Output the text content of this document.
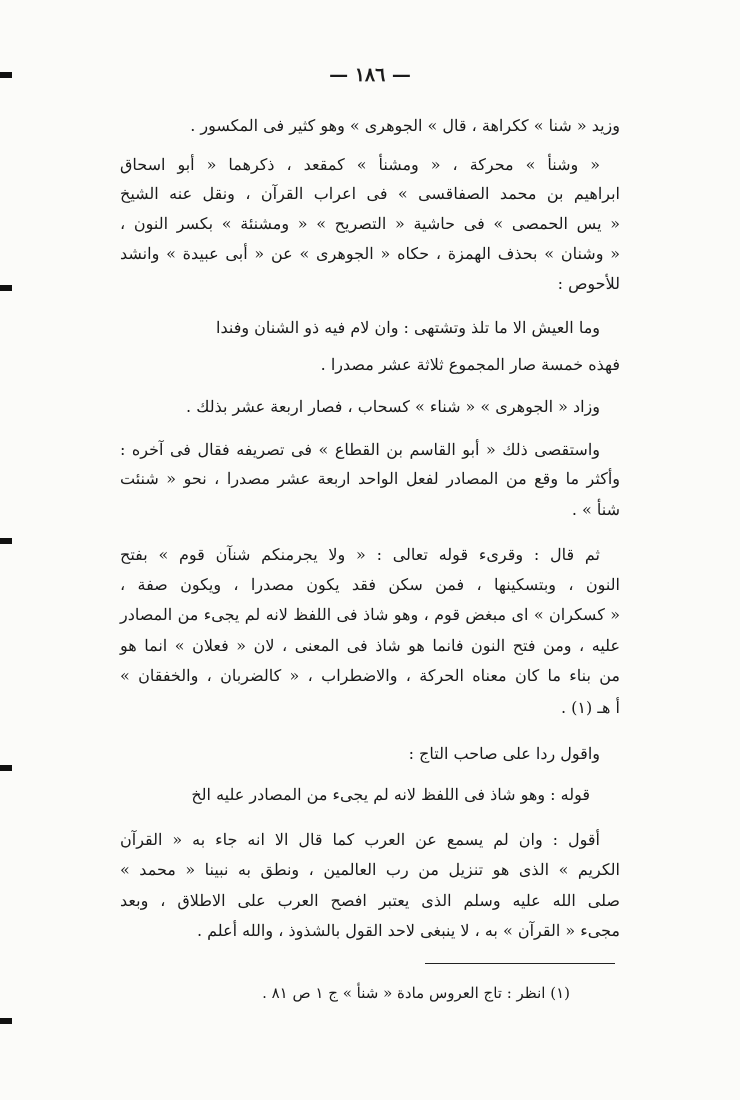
— ١٨٦ —
وزيد « شنا » ككراهة ، قال » الجوهرى » وهو كثير فى المكسور .
« وشنأ » محركة ، « ومشنأ » كمقعد ، ذكرهما « أبو اسحاق
ابراهيم بن محمد الصفاقسى » فى اعراب القرآن ، ونقل عنه الشيخ
« يس الحمصى » فى حاشية « التصريح » « ومشنئة » بكسر النون ،
« وشنان » بحذف الهمزة ، حكاه « الجوهرى » عن « أبى عبيدة » وانشد
للأحوص :
وما العيش الا ما تلذ وتشتهى : وان لام فيه ذو الشنان وفندا
فهذه خمسة صار المجموع ثلاثة عشر مصدرا .
وزاد « الجوهرى » « شناء » كسحاب ، فصار اربعة عشر بذلك .
واستقصى ذلك « أبو القاسم بن القطاع » فى تصريفه فقال فى آخره :
وأكثر ما وقع من المصادر لفعل الواحد اربعة عشر مصدرا ، نحو « شنئت
شنأ » .
ثم قال : وقرىء قوله تعالى : « ولا يجرمنكم شنآن قوم » بفتح
النون ، وبتسكينها ، فمن سكن فقد يكون مصدرا ، ويكون صفة ،
« كسكران » اى مبغض قوم ، وهو شاذ فى اللفظ لانه لم يجىء من المصادر
عليه ، ومن فتح النون فانما هو شاذ فى المعنى ، لان « فعلان » انما هو
من بناء ما كان معناه الحركة ، والاضطراب ، « كالضربان ، والخفقان »
أ هـ (١) .
واقول ردا على صاحب التاج :
قوله : وهو شاذ فى اللفظ لانه لم يجىء من المصادر عليه الخ
أقول : وان لم يسمع عن العرب كما قال الا انه جاء به « القرآن
الكريم » الذى هو تنزيل من رب العالمين ، ونطق به نبينا « محمد »
صلى الله عليه وسلم الذى يعتبر افصح العرب على الاطلاق ، وبعد
مجىء « القرآن » به ، لا ينبغى لاحد القول بالشذوذ ، والله أعلم .
(١) انظر : تاج العروس مادة « شنأ » ج ١ ص ٨١ .
